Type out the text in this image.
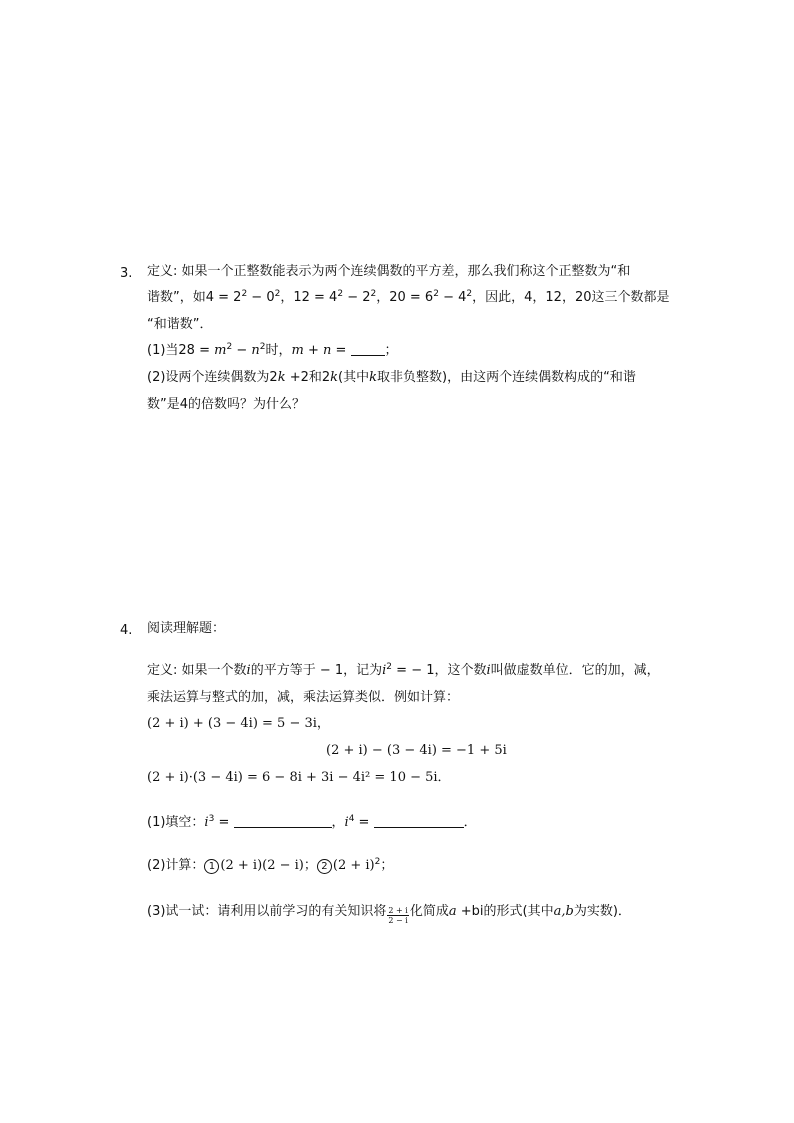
3. 定义: 如果一个正整数能表示为两个连续偶数的平方差，那么我们称这个正整数为“和
谐数”，如$4 = 2^2 - 0^2$，$12 = 4^2 - 2^2$，$20 = 6^2 - 4^2$，因此，4，12，20这三个数都是
“和谐数”．
(1)当$28 = m^2 - n^2$时，m + n =	；
(2)设两个连续偶数为2k +2和2k(其中k取非负整数)，由这两个连续偶数构成的“和谐
数”是4的倍数吗？为什么？
4. 阅读理解题：
定义: 如果一个数i的平方等于 − 1，记为$i^2$ = − 1，这个数i叫做虚数单位．它的加，减，
乘法运算与整式的加，减，乘法运算类似．例如计算：
(2 + i) + (3 − 4i) = 5 − 3i，
(2 + i) − (3 − 4i) = −1 + 5i
(2 + i)·(3 − 4i) = 6 − 8i + 3i − 4i² = 10 − 5i．
(1)填空：$i^3$ =	，$i^4$ =	．
(2)计算： 1 (2 + i)(2 − i)； 2 $(2 + i)^2$；
(3)试一试：请利用以前学习的有关知识将 $\frac{2 + i}{2 - i}$ 化简成a +bi的形式(其中a,b为实数)．
